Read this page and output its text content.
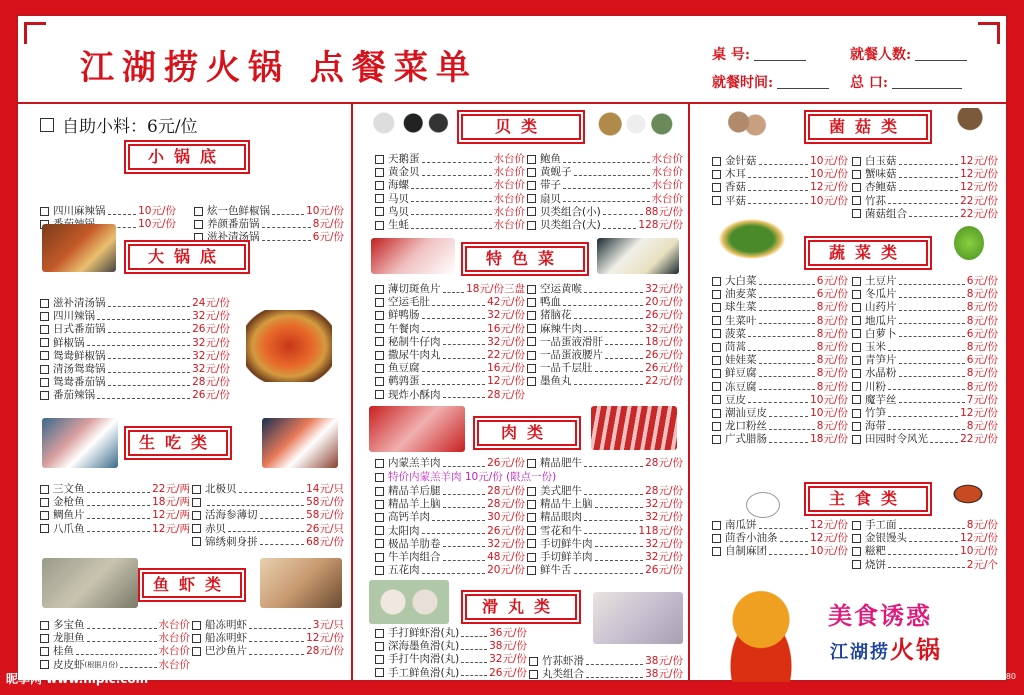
江湖捞火锅 点餐菜单	桌 号:	就餐人数:
就餐时间:	总 口:
自助小料：6元/位
小锅底
四川麻辣锅	10元/份
10元/份
炫一色鲜椒锅	10元/份
养颜番茄锅	8元/份
滋补清汤锅	6元/份
大锅底
滋补清汤锅	24元/份
四川辣锅	32元/份
日式番茄锅	26元/份
鲜椒锅	32元/份
鸳鸯鲜椒锅	32元/份
清汤鸳鸯锅	32元/份
鸳鸯番茄锅	28元/份
番茄辣锅	26元/份
生吃类
三文鱼	22元/两
金枪鱼	18元/两
鲷鱼片	12元/两
八爪鱼	12元/两
北极贝	14元/只
58元/份
活海参薄切	58元/份
赤贝	26元/只
锦绣刺身拼	68元/份
鱼虾类
多宝鱼	水台价
龙胆鱼	水台价
桂鱼	水台价
皮皮虾 (根据月份)	水台价
船冻明虾	3元/只
船冻明虾	12元/份
巴沙鱼片	28元/份
贝类
天鹅蛋	水台价
黄金贝	水台价
海螺	水台价
马贝	水台价
鸟贝	水台价
生蚝	水台价
鲍鱼	水台价
黄蚬子	水台价
带子	水台价
扇贝	水台价
贝类组合(小)	88元/份
贝类组合(大)	128元/份
特色菜
薄切斑鱼片 18元/份三盘
空运毛肚	42元/份
鲜鸭肠	32元/份
午餐肉	16元/份
秘制牛仔肉	32元/份
撒尿牛肉丸	22元/份
鱼豆腐	16元/份
鹌鹑蛋	12元/份
现炸小酥肉	28元/份
空运黄喉	32元/份
鸭血	20元/份
猪脑花	26元/份
麻辣牛肉	32元/份
一品蛋液滑肝	18元/份
一品蛋液腰片	26元/份
一品千层肚	26元/份
墨鱼丸	22元/份
肉类
内蒙羔羊肉	26元/份
特价内蒙羔羊肉 10元/份 (限点一份)
精品羊后腿	28元/份
精品羊上脑	28元/份
高钙羊肉	30元/份
太阳肉	26元/份
极品羊肋卷	32元/份
牛羊肉组合	48元/份
五花肉	20元/份
精品肥牛	28元/份
美式肥牛	28元/份
精品牛上脑	32元/份
精品眼肉	32元/份
雪花和牛	118元/份
手切鲜牛肉	32元/份
手切鲜羊肉	32元/份
鲜牛舌	26元/份
滑丸类
手打鲜虾滑(丸)	36元/份
深海墨鱼滑(丸)	38元/份
手打牛肉滑(丸)	32元/份
手工鲜鱼滑(丸)	26元/份
竹荪虾滑	38元/份
丸类组合	38元/份
菌菇类
金针菇	10元/份
木耳	10元/份
香菇	12元/份
平菇	10元/份
白玉菇	12元/份
蟹味菇	12元/份
杏鲍菇	12元/份
竹荪	22元/份
菌菇组合	22元/份
蔬菜类
大白菜	6元/份
油麦菜	6元/份
球生菜	8元/份
生菜叶	8元/份
菠菜	8元/份
茼蒿	8元/份
娃娃菜	8元/份
鲜豆腐	8元/份
冻豆腐	8元/份
豆皮	10元/份
潮汕豆皮	10元/份
龙口粉丝	8元/份
广式腊肠	18元/份
土豆片	6元/份
冬瓜片	8元/份
山药片	8元/份
地瓜片	8元/份
白萝卜	6元/份
玉米	8元/份
青笋片	6元/份
水晶粉	8元/份
川粉	8元/份
魔芋丝	7元/份
竹笋	12元/份
海带	8元/份
田园时令风光	22元/份
主食类
南瓜饼	12元/份
茴香小油条	12元/份
自制麻团	10元/份
手工面	8元/份
金银馒头	12元/份
糍粑	10元/份
烧饼	2元/个
美食诱惑
江湖捞火锅
昵享网 www.nipic.com	ID:30532346 NO:20230429090305469180
